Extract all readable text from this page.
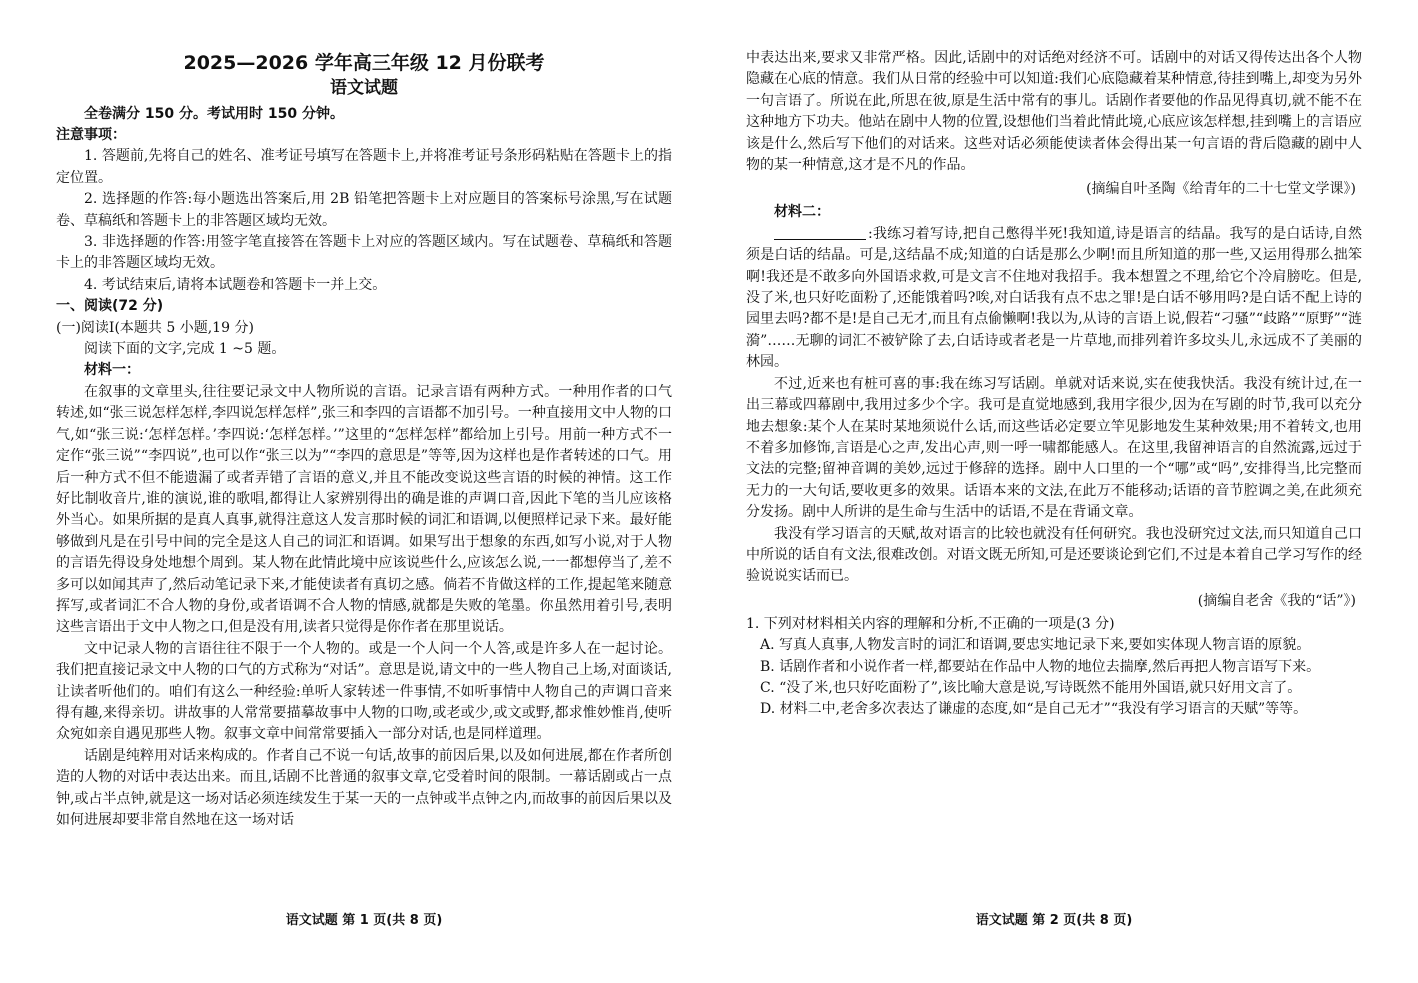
2025—2026 学年高三年级 12 月份联考
语文试题
全卷满分 150 分。考试用时 150 分钟。
注意事项：

1. 答题前,先将自己的姓名、准考证号填写在答题卡上,并将准考证号条形码粘贴在答题卡上的指定位置。

2. 选择题的作答:每小题选出答案后,用 2B 铅笔把答题卡上对应题目的答案标号涂黑,写在试题卷、草稿纸和答题卡上的非答题区域均无效。

3. 非选择题的作答:用签字笔直接答在答题卡上对应的答题区域内。写在试题卷、草稿纸和答题卡上的非答题区域均无效。

4. 考试结束后,请将本试题卷和答题卡一并上交。

一、阅读(72 分)

(一)阅读Ⅰ(本题共 5 小题,19 分)

阅读下面的文字,完成 1 ~5 题。

材料一：

在叙事的文章里头,往往要记录文中人物所说的言语。记录言语有两种方式。一种用作者的口气转述,如“张三说怎样怎样,李四说怎样怎样”,张三和李四的言语都不加引号。一种直接用文中人物的口气,如“张三说:‘怎样怎样。’李四说:‘怎样怎样。’”这里的“怎样怎样”都给加上引号。用前一种方式不一定作“张三说”“李四说”,也可以作“张三以为”“李四的意思是”等等,因为这样也是作者转述的口气。用后一种方式不但不能遗漏了或者弄错了言语的意义,并且不能改变说这些言语的时候的神情。这工作好比制收音片,谁的演说,谁的歌唱,都得让人家辨别得出的确是谁的声调口音,因此下笔的当儿应该格外当心。如果所据的是真人真事,就得注意这人发言那时候的词汇和语调,以便照样记录下来。最好能够做到凡是在引号中间的完全是这人自己的词汇和语调。如果写出于想象的东西,如写小说,对于人物的言语先得设身处地想个周到。某人物在此情此境中应该说些什么,应该怎么说,一一都想停当了,差不多可以如闻其声了,然后动笔记录下来,才能使读者有真切之感。倘若不肯做这样的工作,提起笔来随意挥写,或者词汇不合人物的身份,或者语调不合人物的情感,就都是失败的笔墨。你虽然用着引号,表明这些言语出于文中人物之口,但是没有用,读者只觉得是你作者在那里说话。

文中记录人物的言语往往不限于一个人物的。或是一个人问一个人答,或是许多人在一起讨论。我们把直接记录文中人物的口气的方式称为“对话”。意思是说,请文中的一些人物自己上场,对面谈话,让读者听他们的。咱们有这么一种经验:单听人家转述一件事情,不如听事情中人物自己的声调口音来得有趣,来得亲切。讲故事的人常常要描摹故事中人物的口吻,或老或少,或文或野,都求惟妙惟肖,使听众宛如亲自遇见那些人物。叙事文章中间常常要插入一部分对话,也是同样道理。

话剧是纯粹用对话来构成的。作者自己不说一句话,故事的前因后果,以及如何进展,都在作者所创造的人物的对话中表达出来。而且,话剧不比普通的叙事文章,它受着时间的限制。一幕话剧或占一点钟,或占半点钟,就是这一场对话必须连续发生于某一天的一点钟或半点钟之内,而故事的前因后果以及如何进展却要非常自然地在这一场对话

语文试题 第 1 页(共 8 页)

中表达出来,要求又非常严格。因此,话剧中的对话绝对经济不可。话剧中的对话又得传达出各个人物隐藏在心底的情意。我们从日常的经验中可以知道:我们心底隐藏着某种情意,待挂到嘴上,却变为另外一句言语了。所说在此,所思在彼,原是生活中常有的事儿。话剧作者要他的作品见得真切,就不能不在这种地方下功夫。他站在剧中人物的位置,设想他们当着此情此境,心底应该怎样想,挂到嘴上的言语应该是什么,然后写下他们的对话来。这些对话必须能使读者体会得出某一句言语的背后隐藏的剧中人物的某一种情意,这才是不凡的作品。

(摘编自叶圣陶《给青年的二十七堂文学课》)
材料二：

:我练习着写诗,把自己憋得半死!我知道,诗是语言的结晶。我写的是白话诗,自然须是白话的结晶。可是,这结晶不成;知道的白话是那么少啊!而且所知道的那一些,又运用得那么拙笨啊!我还是不敢多向外国语求救,可是文言不住地对我招手。我本想置之不理,给它个冷肩膀吃。但是,没了米,也只好吃面粉了,还能饿着吗?唉,对白话我有点不忠之罪!是白话不够用吗?是白话不配上诗的园里去吗?都不是!是自己无才,而且有点偷懒啊!我以为,从诗的言语上说,假若“刁骚”“歧路”“原野”“涟漪”……无聊的词汇不被铲除了去,白话诗或者老是一片草地,而排列着许多坟头儿,永远成不了美丽的林园。

不过,近来也有桩可喜的事:我在练习写话剧。单就对话来说,实在使我快活。我没有统计过,在一出三幕或四幕剧中,我用过多少个字。我可是直觉地感到,我用字很少,因为在写剧的时节,我可以充分地去想象:某个人在某时某地须说什么话,而这些话必定要立竿见影地发生某种效果;用不着转文,也用不着多加修饰,言语是心之声,发出心声,则一呼一啸都能感人。在这里,我留神语言的自然流露,远过于文法的完整;留神音调的美妙,远过于修辞的选择。剧中人口里的一个“哪”或“吗”,安排得当,比完整而无力的一大句话,要收更多的效果。话语本来的文法,在此万不能移动;话语的音节腔调之美,在此须充分发扬。剧中人所讲的是生命与生活中的话语,不是在背诵文章。

我没有学习语言的天赋,故对语言的比较也就没有任何研究。我也没研究过文法,而只知道自己口中所说的话自有文法,很难改创。对语文既无所知,可是还要谈论到它们,不过是本着自己学习写作的经验说说实话而已。

(摘编自老舍《我的“话”》)

1. 下列对材料相关内容的理解和分析,不正确的一项是(3 分)

A. 写真人真事,人物发言时的词汇和语调,要忠实地记录下来,要如实体现人物言语的原貌。

B. 话剧作者和小说作者一样,都要站在作品中人物的地位去揣摩,然后再把人物言语写下来。

C. “没了米,也只好吃面粉了”,该比喻大意是说,写诗既然不能用外国语,就只好用文言了。

D. 材料二中,老舍多次表达了谦虚的态度,如“是自己无才”“我没有学习语言的天赋”等等。

语文试题 第 2 页(共 8 页)
